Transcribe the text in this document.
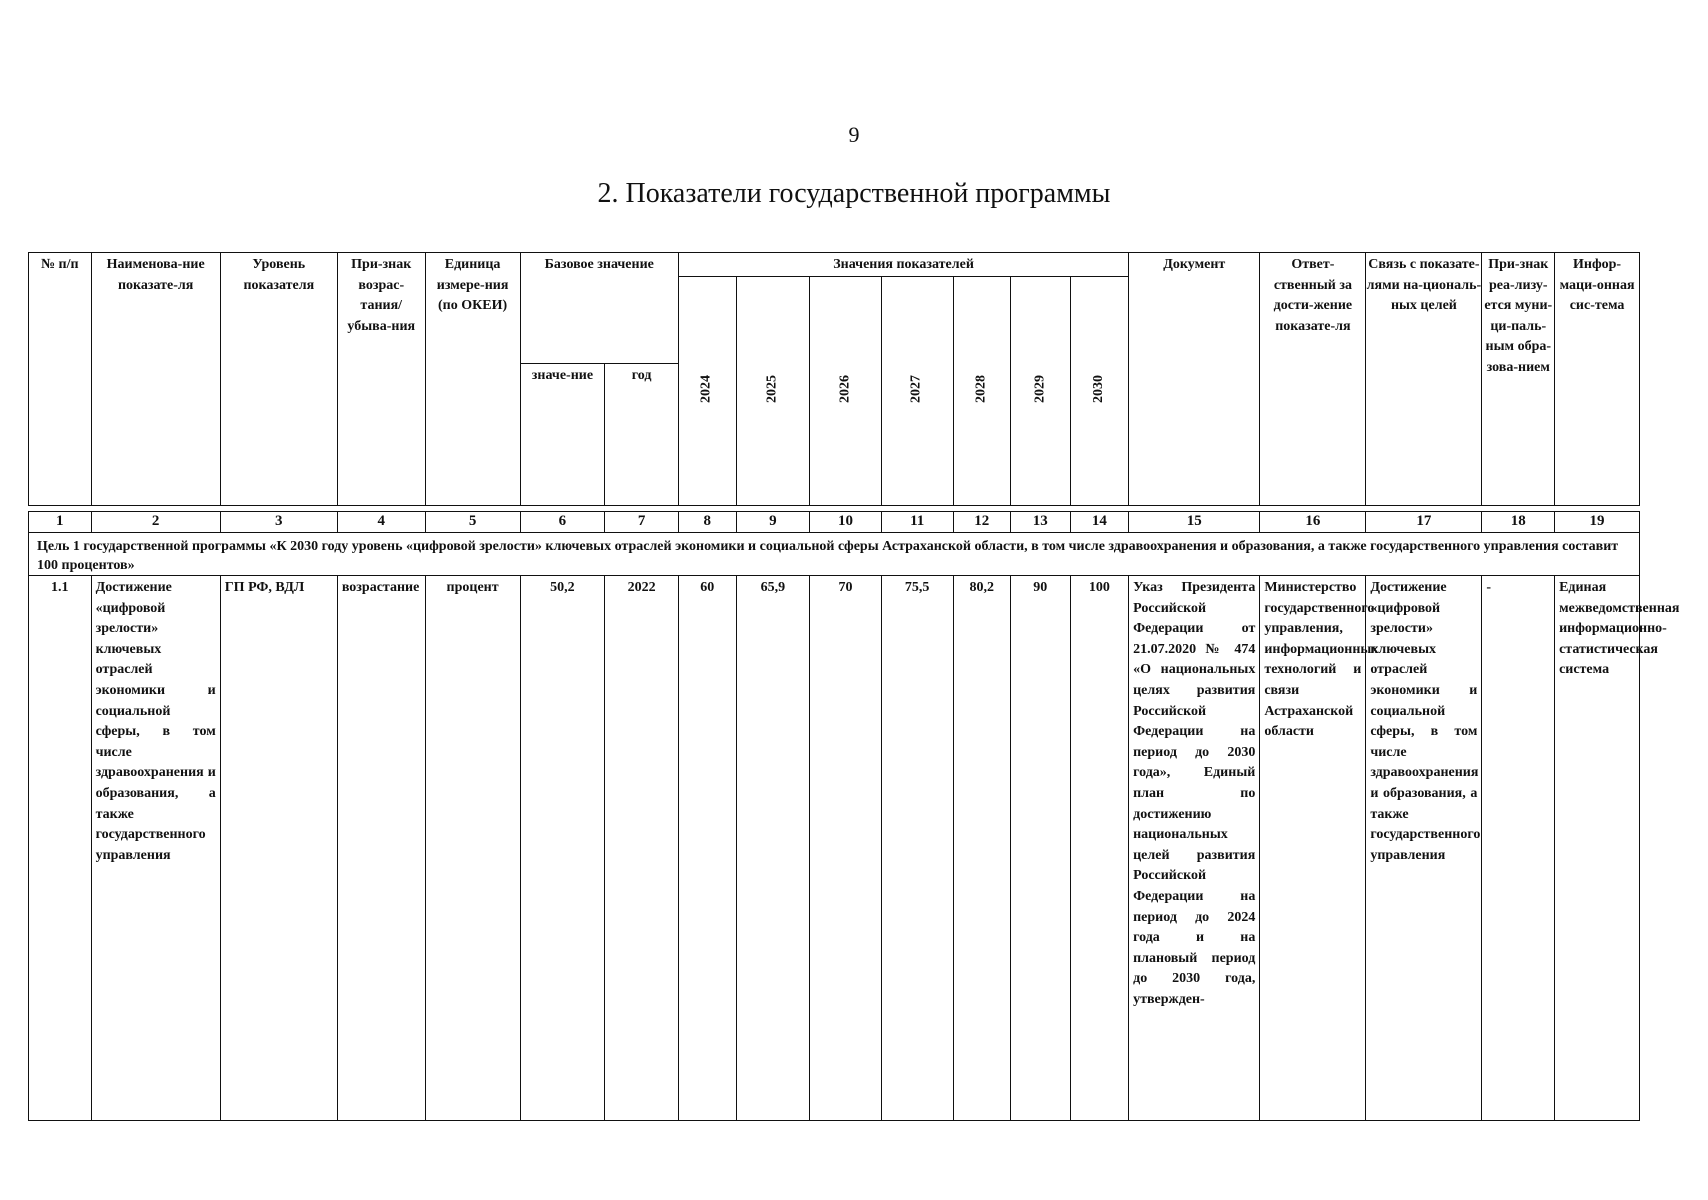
9
2. Показатели государственной программы
№ п/п	Наименова-ние показате-ля	Уровень показателя	При-знак возрас-тания/ убыва-ния	Единица измере-ния (по ОКЕИ)	Базовое значение		Значения показателей							Документ	Ответ-ственный за дости-жение показате-ля	Связь с показате-лями на-циональ-ных целей	При-знак реа-лизу-ется муни-ци-паль-ным обра-зова-нием	Инфор-маци-онная сис-тема
							2024	2025	2026	2027	2028	2029	2030					
					значе-ние	год												
1	2	3	4	5	6	7	8	9	10	11	12	13	14	15	16	17	18	19
Цель 1 государственной программы «К 2030 году уровень «цифровой зрелости» ключевых отраслей экономики и социальной сферы Астраханской области, в том числе здравоохранения и образования, а также государственного управления составит 100 процентов»																		
1.1	Достижение «цифровой зрелости» ключевых отраслей экономики и социальной сферы, в том числе здравоохранения и образования, а также государственного управления	ГП РФ, ВДЛ	возрастание	процент	50,2	2022	60	65,9	70	75,5	80,2	90	100	Указ Президента Российской Федерации от 21.07.2020 № 474 «О национальных целях развития Российской Федерации на период до 2030 года», Единый план по достижению национальных целей развития Российской Федерации на период до 2024 года и на плановый период до 2030 года, утвержден-	Министерство государственного управления, информационных технологий и связи Астраханской области	Достижение «цифровой зрелости» ключевых отраслей экономики и социальной сферы, в том числе здравоохранения и образования, а также государственного управления	-	Единая межведомственная информационно-статистическая система
